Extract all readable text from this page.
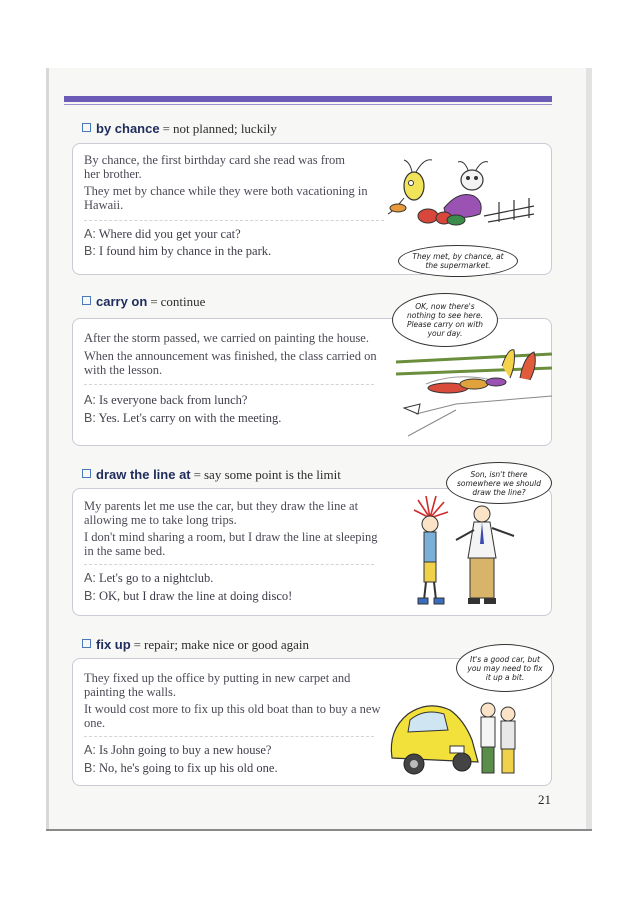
by chance = not planned; luckily
By chance, the first birthday card she read was from her brother.
They met by chance while they were both vacationing in Hawaii.
A: Where did you get your cat?
B: I found him by chance in the park.	They met, by chance, at the supermarket.
carry on = continue	OK, now there's nothing to see here. Please carry on with your day.
After the storm passed, we carried on painting the house.
When the announcement was finished, the class carried on with the lesson.
A: Is everyone back from lunch?
B: Yes. Let's carry on with the meeting.
draw the line at = say some point is the limit	Son, isn't there somewhere we should draw the line?
My parents let me use the car, but they draw the line at allowing me to take long trips.
I don't mind sharing a room, but I draw the line at sleeping in the same bed.
A: Let's go to a nightclub.
B: OK, but I draw the line at doing disco!
fix up = repair; make nice or good again
It's a good car, but you may need to fix it up a bit.
They fixed up the office by putting in new carpet and painting the walls.
It would cost more to fix up this old boat than to buy a new one.
A: Is John going to buy a new house?
B: No, he's going to fix up his old one.
21
